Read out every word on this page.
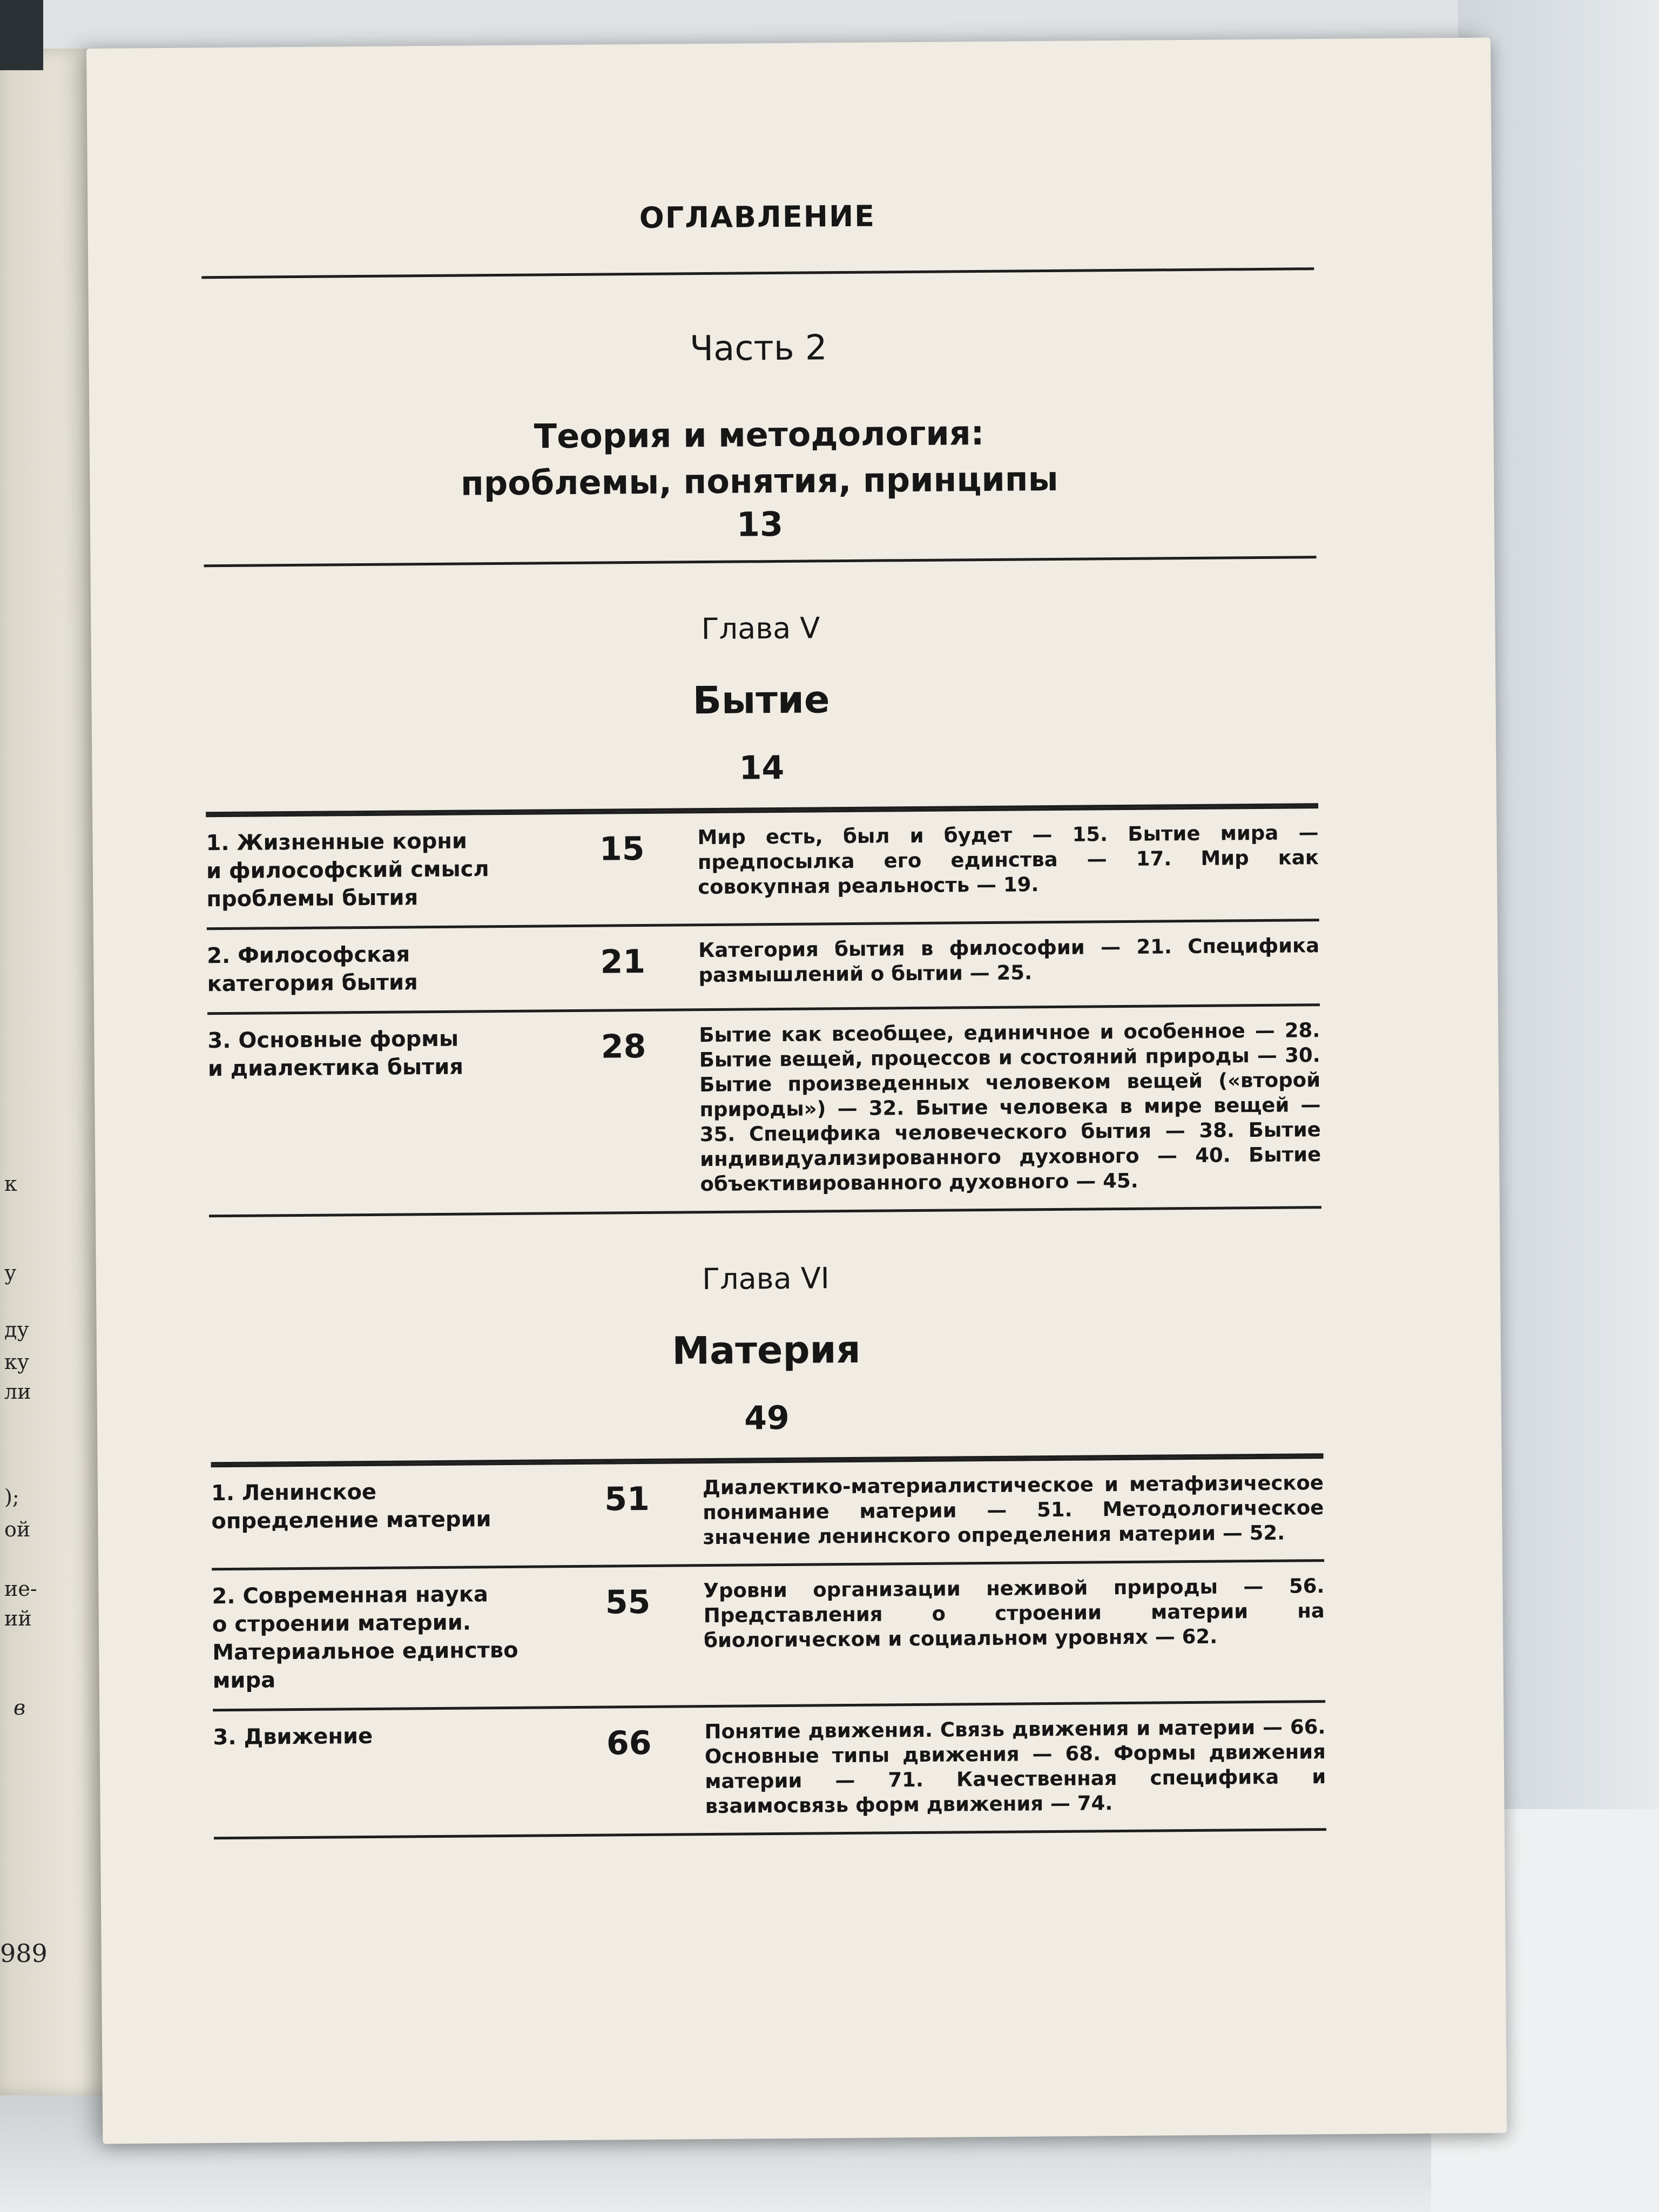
к
у
ду
ку
ли
);
ой
ие-
ий
в
989
ОГЛАВЛЕНИЕ
Часть 2
Теория и методология:
проблемы, понятия, принципы
13
Глава V
Бытие
14
1. Жизненные корни
и философский смысл
проблемы бытия
15	Мир есть, был и будет — 15. Бытие мира — предпосылка его единства — 17. Мир как совокупная реальность — 19.
2. Философская
категория бытия
21	Категория бытия в философии — 21. Специфика размышлений о бытии — 25.
3. Основные формы
и диалектика бытия
28	Бытие как всеобщее, единичное и особенное — 28. Бытие вещей, процессов и состояний природы — 30. Бытие произведенных человеком вещей («второй природы») — 32. Бытие человека в мире вещей — 35. Специфика человеческого бытия — 38. Бытие индивидуализированного духовного — 40. Бытие объективированного духовного — 45.
Глава VI
Материя
49
1. Ленинское
определение материи
51	Диалектико-материалистическое и метафизическое понимание материи — 51. Методологическое значение ленинского определения материи — 52.
2. Современная наука
о строении материи.
Материальное единство мира
55	Уровни организации неживой природы — 56. Представления о строении материи на биологическом и социальном уровнях — 62.
3. Движение	66	Понятие движения. Связь движения и материи — 66. Основные типы движения — 68. Формы движения материи — 71. Качественная специфика и взаимосвязь форм движения — 74.
